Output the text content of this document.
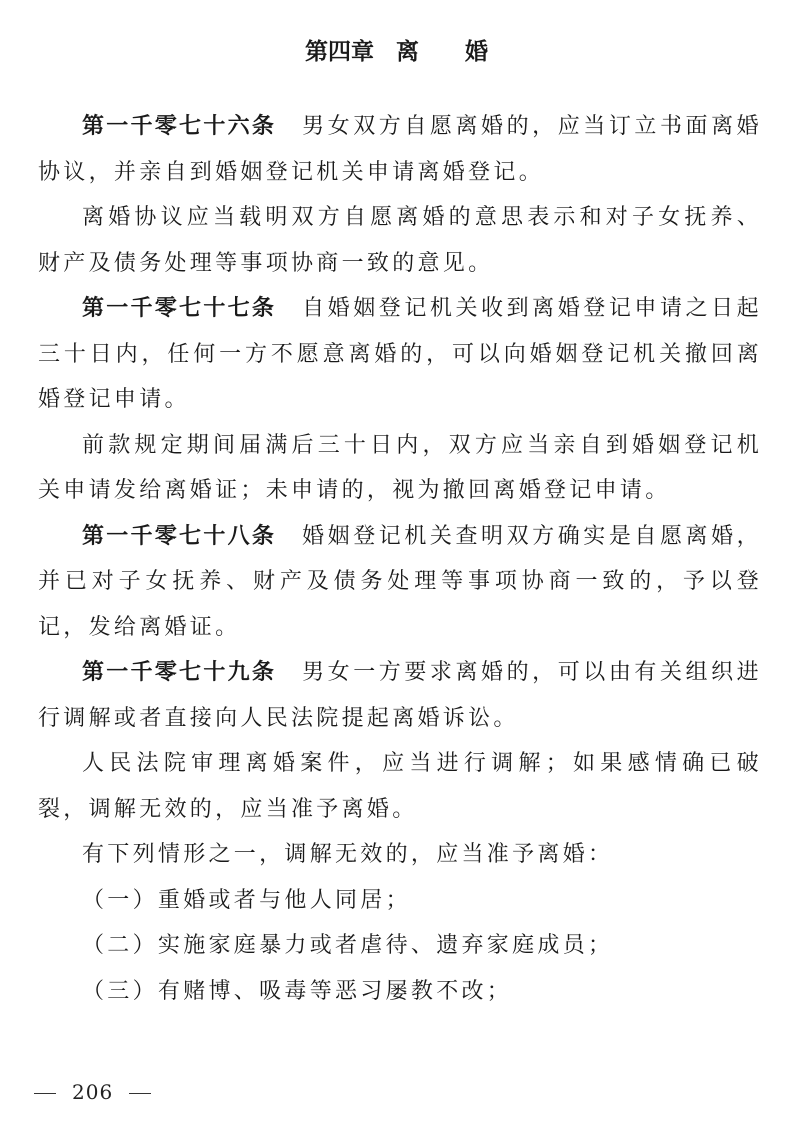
第四章 离 婚

第一千零七十六条 男女双方自愿离婚的，应当订立书面离婚协议，并亲自到婚姻登记机关申请离婚登记。

离婚协议应当载明双方自愿离婚的意思表示和对子女抚养、财产及债务处理等事项协商一致的意见。

第一千零七十七条 自婚姻登记机关收到离婚登记申请之日起三十日内，任何一方不愿意离婚的，可以向婚姻登记机关撤回离婚登记申请。

前款规定期间届满后三十日内，双方应当亲自到婚姻登记机关申请发给离婚证；未申请的，视为撤回离婚登记申请。

第一千零七十八条 婚姻登记机关查明双方确实是自愿离婚，并已对子女抚养、财产及债务处理等事项协商一致的，予以登记，发给离婚证。

第一千零七十九条 男女一方要求离婚的，可以由有关组织进行调解或者直接向人民法院提起离婚诉讼。

人民法院审理离婚案件，应当进行调解；如果感情确已破裂，调解无效的，应当准予离婚。

有下列情形之一，调解无效的，应当准予离婚：

（一）重婚或者与他人同居；

（二）实施家庭暴力或者虐待、遗弃家庭成员；

（三）有赌博、吸毒等恶习屡教不改；

206
